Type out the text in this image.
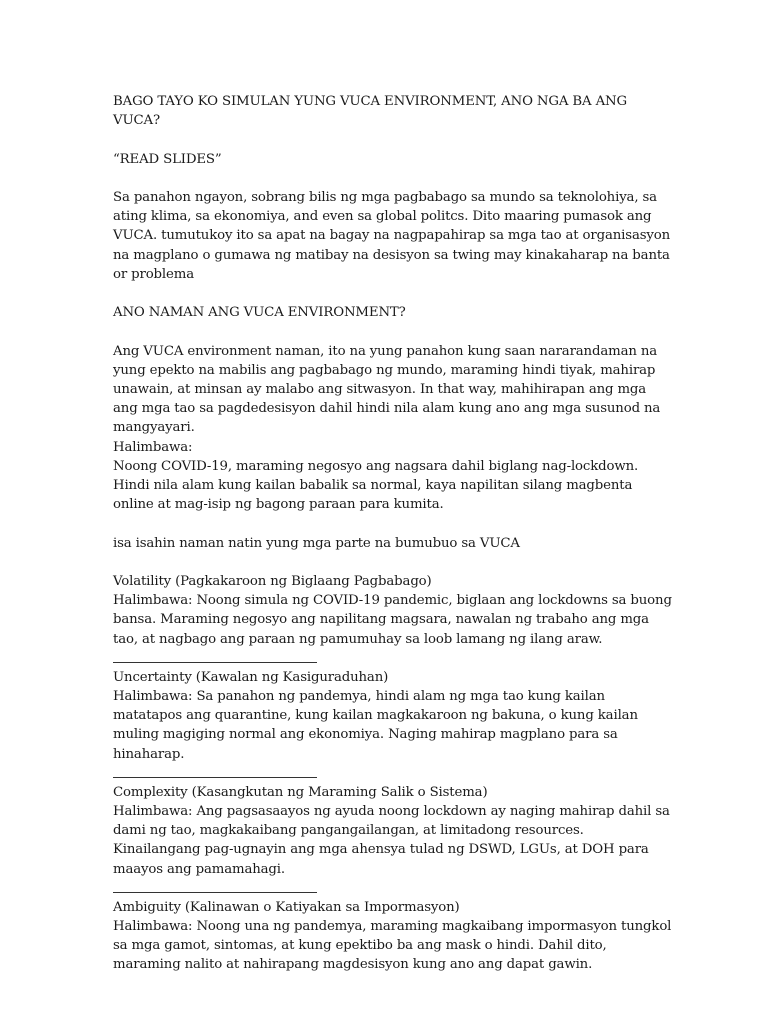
BAGO TAYO KO SIMULAN YUNG VUCA ENVIRONMENT, ANO NGA BA ANG VUCA?

“READ SLIDES”

Sa panahon ngayon, sobrang bilis ng mga pagbabago sa mundo sa teknolohiya, sa ating klima, sa ekonomiya, and even sa global politcs. Dito maaring pumasok ang VUCA. tumutukoy ito sa apat na bagay na nagpapahirap sa mga tao at organisasyon na magplano o gumawa ng matibay na desisyon sa twing may kinakaharap na banta or problema

ANO NAMAN ANG VUCA ENVIRONMENT?

Ang VUCA environment naman, ito na yung panahon kung saan nararandaman na yung epekto na mabilis ang pagbabago ng mundo, maraming hindi tiyak, mahirap unawain, at minsan ay malabo ang sitwasyon. In that way, mahihirapan ang mga ang mga tao sa pagdedesisyon dahil hindi nila alam kung ano ang mga susunod na mangyayari.

Halimbawa:

Noong COVID-19, maraming negosyo ang nagsara dahil biglang nag-lockdown. Hindi nila alam kung kailan babalik sa normal, kaya napilitan silang magbenta online at mag-isip ng bagong paraan para kumita.

isa isahin naman natin yung mga parte na bumubuo sa VUCA

Volatility (Pagkakaroon ng Biglaang Pagbabago)

Halimbawa: Noong simula ng COVID-19 pandemic, biglaan ang lockdowns sa buong bansa. Maraming negosyo ang napilitang magsara, nawalan ng trabaho ang mga tao, at nagbago ang paraan ng pamumuhay sa loob lamang ng ilang araw.

Uncertainty (Kawalan ng Kasiguraduhan)

Halimbawa: Sa panahon ng pandemya, hindi alam ng mga tao kung kailan matatapos ang quarantine, kung kailan magkakaroon ng bakuna, o kung kailan muling magiging normal ang ekonomiya. Naging mahirap magplano para sa hinaharap.

Complexity (Kasangkutan ng Maraming Salik o Sistema)

Halimbawa: Ang pagsasaayos ng ayuda noong lockdown ay naging mahirap dahil sa dami ng tao, magkakaibang pangangailangan, at limitadong resources. Kinailangang pag-ugnayin ang mga ahensya tulad ng DSWD, LGUs, at DOH para maayos ang pamamahagi.

Ambiguity (Kalinawan o Katiyakan sa Impormasyon)

Halimbawa: Noong una ng pandemya, maraming magkaibang impormasyon tungkol sa mga gamot, sintomas, at kung epektibo ba ang mask o hindi. Dahil dito, maraming nalito at nahirapang magdesisyon kung ano ang dapat gawin.
